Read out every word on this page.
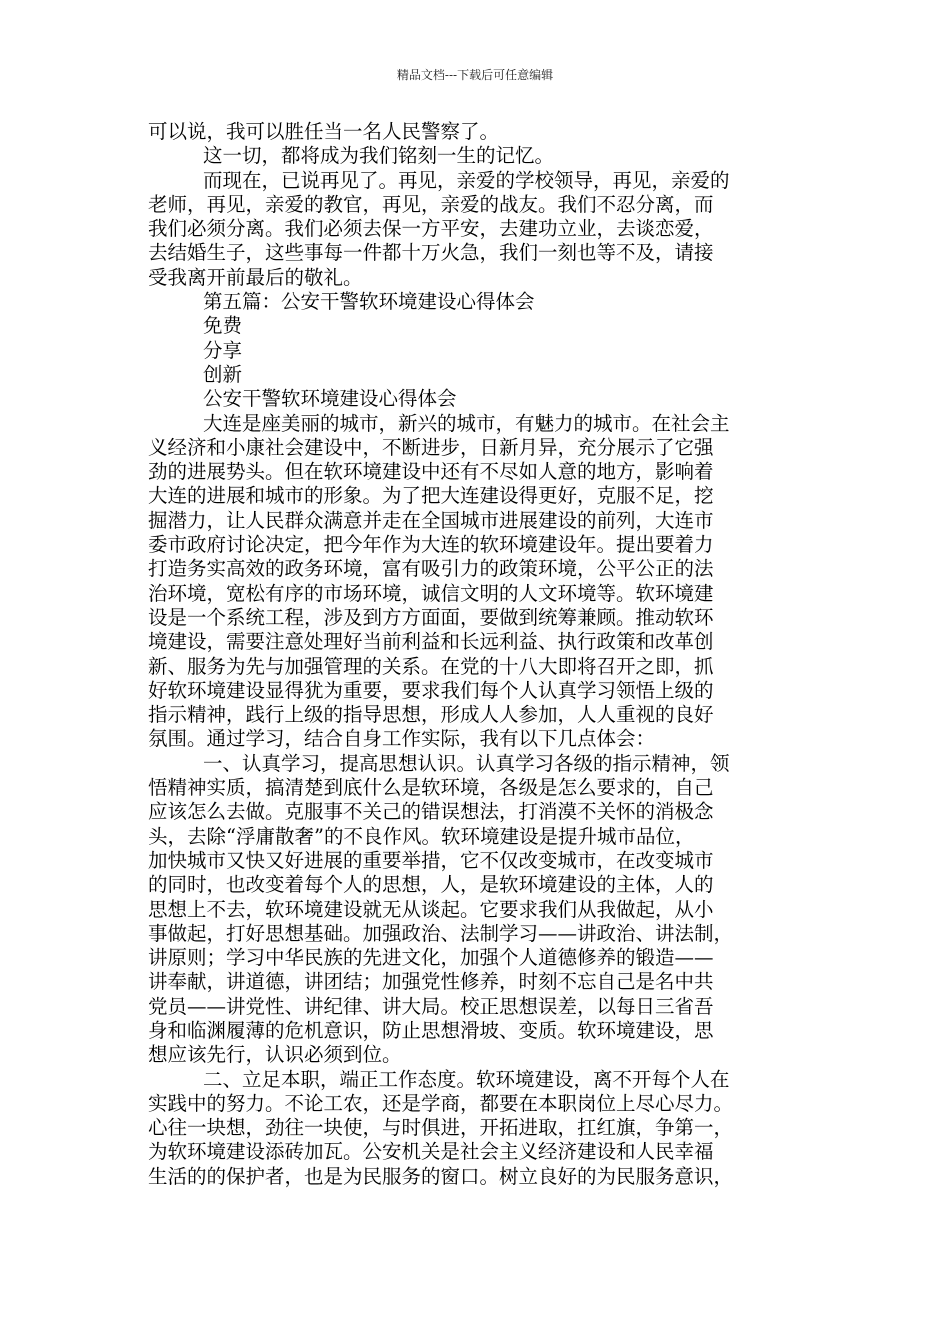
精品文档---下载后可任意编辑
可以说，我可以胜任当一名人民警察了。
这一切，都将成为我们铭刻一生的记忆。
而现在，已说再见了。再见，亲爱的学校领导，再见，亲爱的
老师，再见，亲爱的教官，再见，亲爱的战友。我们不忍分离，而
我们必须分离。我们必须去保一方平安，去建功立业，去谈恋爱，
去结婚生子，这些事每一件都十万火急，我们一刻也等不及，请接
受我离开前最后的敬礼。
第五篇：公安干警软环境建设心得体会
免费
分享
创新
公安干警软环境建设心得体会
大连是座美丽的城市，新兴的城市，有魅力的城市。在社会主
义经济和小康社会建设中，不断进步，日新月异，充分展示了它强
劲的进展势头。但在软环境建设中还有不尽如人意的地方，影响着
大连的进展和城市的形象。为了把大连建设得更好，克服不足，挖
掘潜力，让人民群众满意并走在全国城市进展建设的前列，大连市
委市政府讨论决定，把今年作为大连的软环境建设年。提出要着力
打造务实高效的政务环境，富有吸引力的政策环境，公平公正的法
治环境，宽松有序的市场环境，诚信文明的人文环境等。软环境建
设是一个系统工程，涉及到方方面面，要做到统筹兼顾。推动软环
境建设，需要注意处理好当前利益和长远利益、执行政策和改革创
新、服务为先与加强管理的关系。在党的十八大即将召开之即，抓
好软环境建设显得犹为重要，要求我们每个人认真学习领悟上级的
指示精神，践行上级的指导思想，形成人人参加，人人重视的良好
氛围。通过学习，结合自身工作实际，我有以下几点体会：
一、认真学习，提高思想认识。认真学习各级的指示精神，领
悟精神实质，搞清楚到底什么是软环境，各级是怎么要求的，自己
应该怎么去做。克服事不关己的错误想法，打消漠不关怀的消极念
头，去除“浮庸散奢”的不良作风。软环境建设是提升城市品位，
加快城市又快又好进展的重要举措，它不仅改变城市，在改变城市
的同时，也改变着每个人的思想，人，是软环境建设的主体，人的
思想上不去，软环境建设就无从谈起。它要求我们从我做起，从小
事做起，打好思想基础。加强政治、法制学习——讲政治、讲法制，
讲原则；学习中华民族的先进文化，加强个人道德修养的锻造——
讲奉献，讲道德，讲团结；加强党性修养，时刻不忘自己是名中共
党员——讲党性、讲纪律、讲大局。校正思想误差，以每日三省吾
身和临渊履薄的危机意识，防止思想滑坡、变质。软环境建设，思
想应该先行，认识必须到位。
二、立足本职，端正工作态度。软环境建设，离不开每个人在
实践中的努力。不论工农，还是学商，都要在本职岗位上尽心尽力。
心往一块想，劲往一块使，与时俱进，开拓进取，扛红旗，争第一，
为软环境建设添砖加瓦。公安机关是社会主义经济建设和人民幸福
生活的的保护者，也是为民服务的窗口。树立良好的为民服务意识，
